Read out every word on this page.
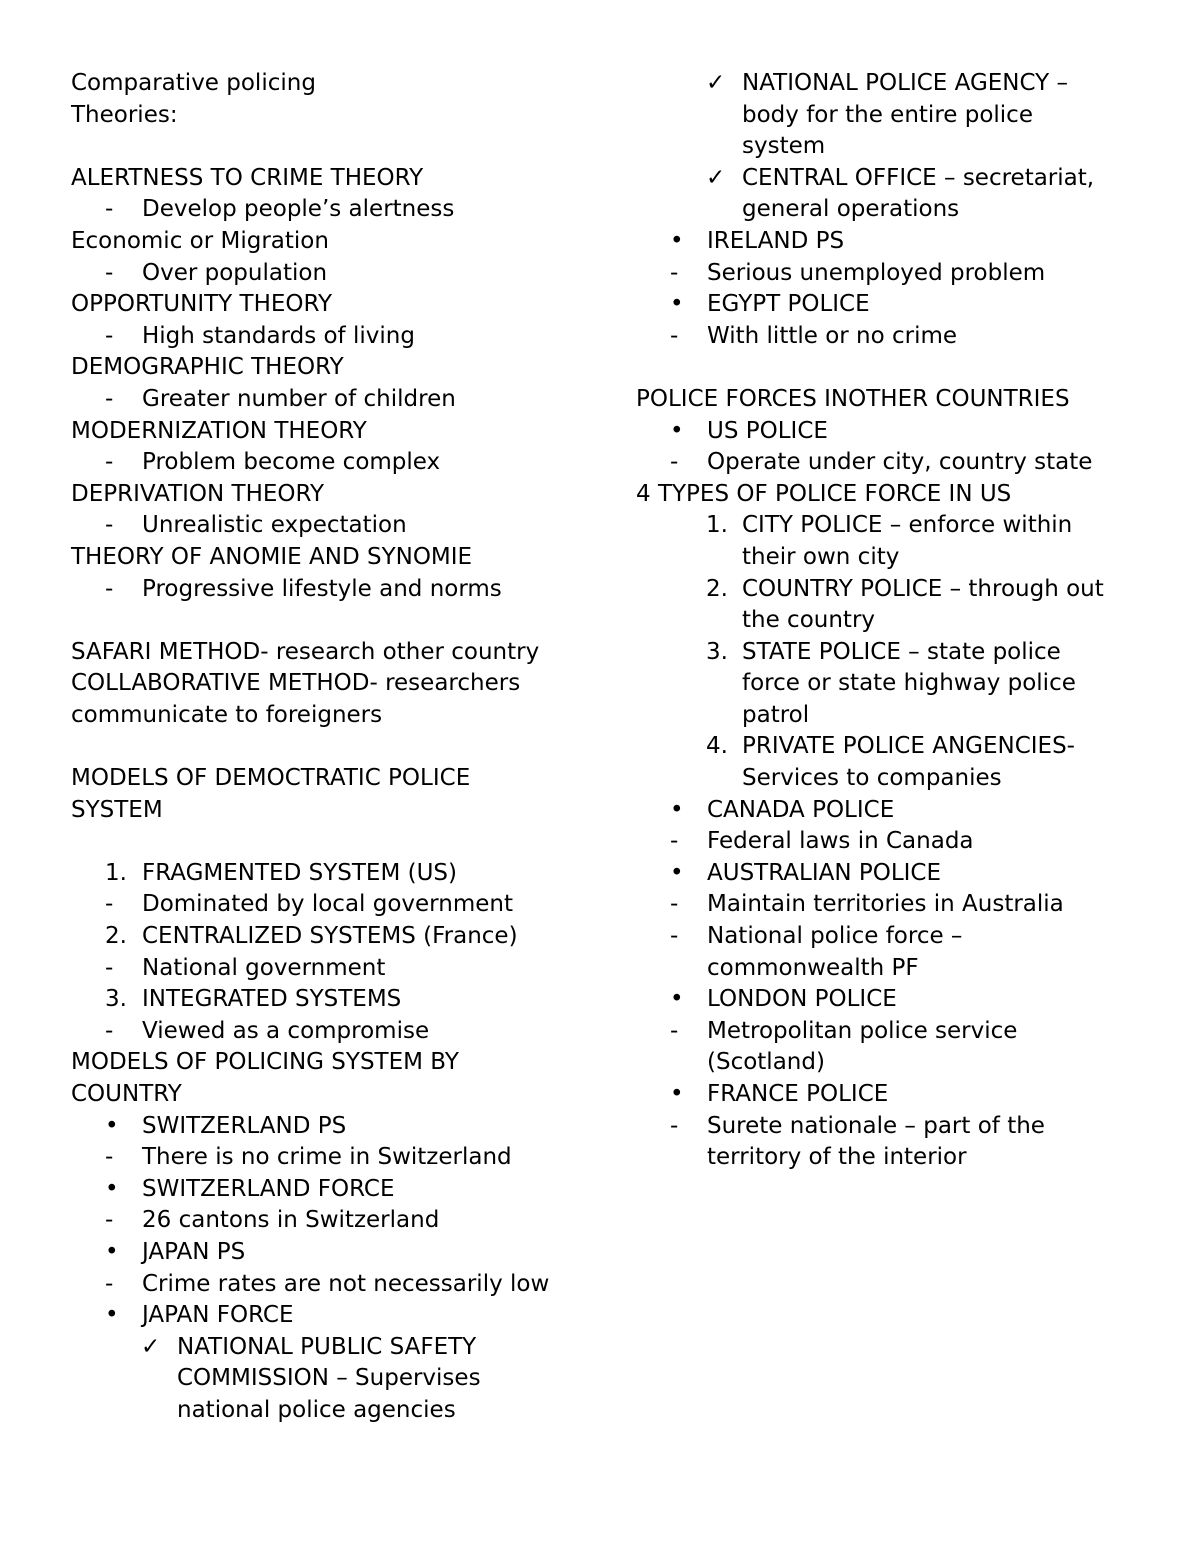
Comparative policing
Theories:
ALERTNESS TO CRIME THEORY
- Develop people’s alertness
Economic or Migration
- Over population
OPPORTUNITY THEORY
- High standards of living
DEMOGRAPHIC THEORY
- Greater number of children
MODERNIZATION THEORY
- Problem become complex
DEPRIVATION THEORY
- Unrealistic expectation
THEORY OF ANOMIE AND SYNOMIE
- Progressive lifestyle and norms
SAFARI METHOD- research other country
COLLABORATIVE METHOD- researchers
communicate to foreigners
MODELS OF DEMOCTRATIC POLICE
SYSTEM
1. FRAGMENTED SYSTEM (US)
- Dominated by local government
2. CENTRALIZED SYSTEMS (France)
- National government
3. INTEGRATED SYSTEMS
- Viewed as a compromise
MODELS OF POLICING SYSTEM BY
COUNTRY
• SWITZERLAND PS
- There is no crime in Switzerland
• SWITZERLAND FORCE
- 26 cantons in Switzerland
• JAPAN PS
- Crime rates are not necessarily low
• JAPAN FORCE
✓ NATIONAL PUBLIC SAFETY
COMMISSION – Supervises
national police agencies
✓ NATIONAL POLICE AGENCY –
body for the entire police
system
✓ CENTRAL OFFICE – secretariat,
general operations
• IRELAND PS
- Serious unemployed problem
• EGYPT POLICE
- With little or no crime
POLICE FORCES INOTHER COUNTRIES
• US POLICE
- Operate under city, country state
4 TYPES OF POLICE FORCE IN US
1. CITY POLICE – enforce within
their own city
2. COUNTRY POLICE – through out
the country
3. STATE POLICE – state police
force or state highway police
patrol
4. PRIVATE POLICE ANGENCIES-
Services to companies
• CANADA POLICE
- Federal laws in Canada
• AUSTRALIAN POLICE
- Maintain territories in Australia
- National police force –
commonwealth PF
• LONDON POLICE
- Metropolitan police service
(Scotland)
• FRANCE POLICE
- Surete nationale – part of the
territory of the interior
